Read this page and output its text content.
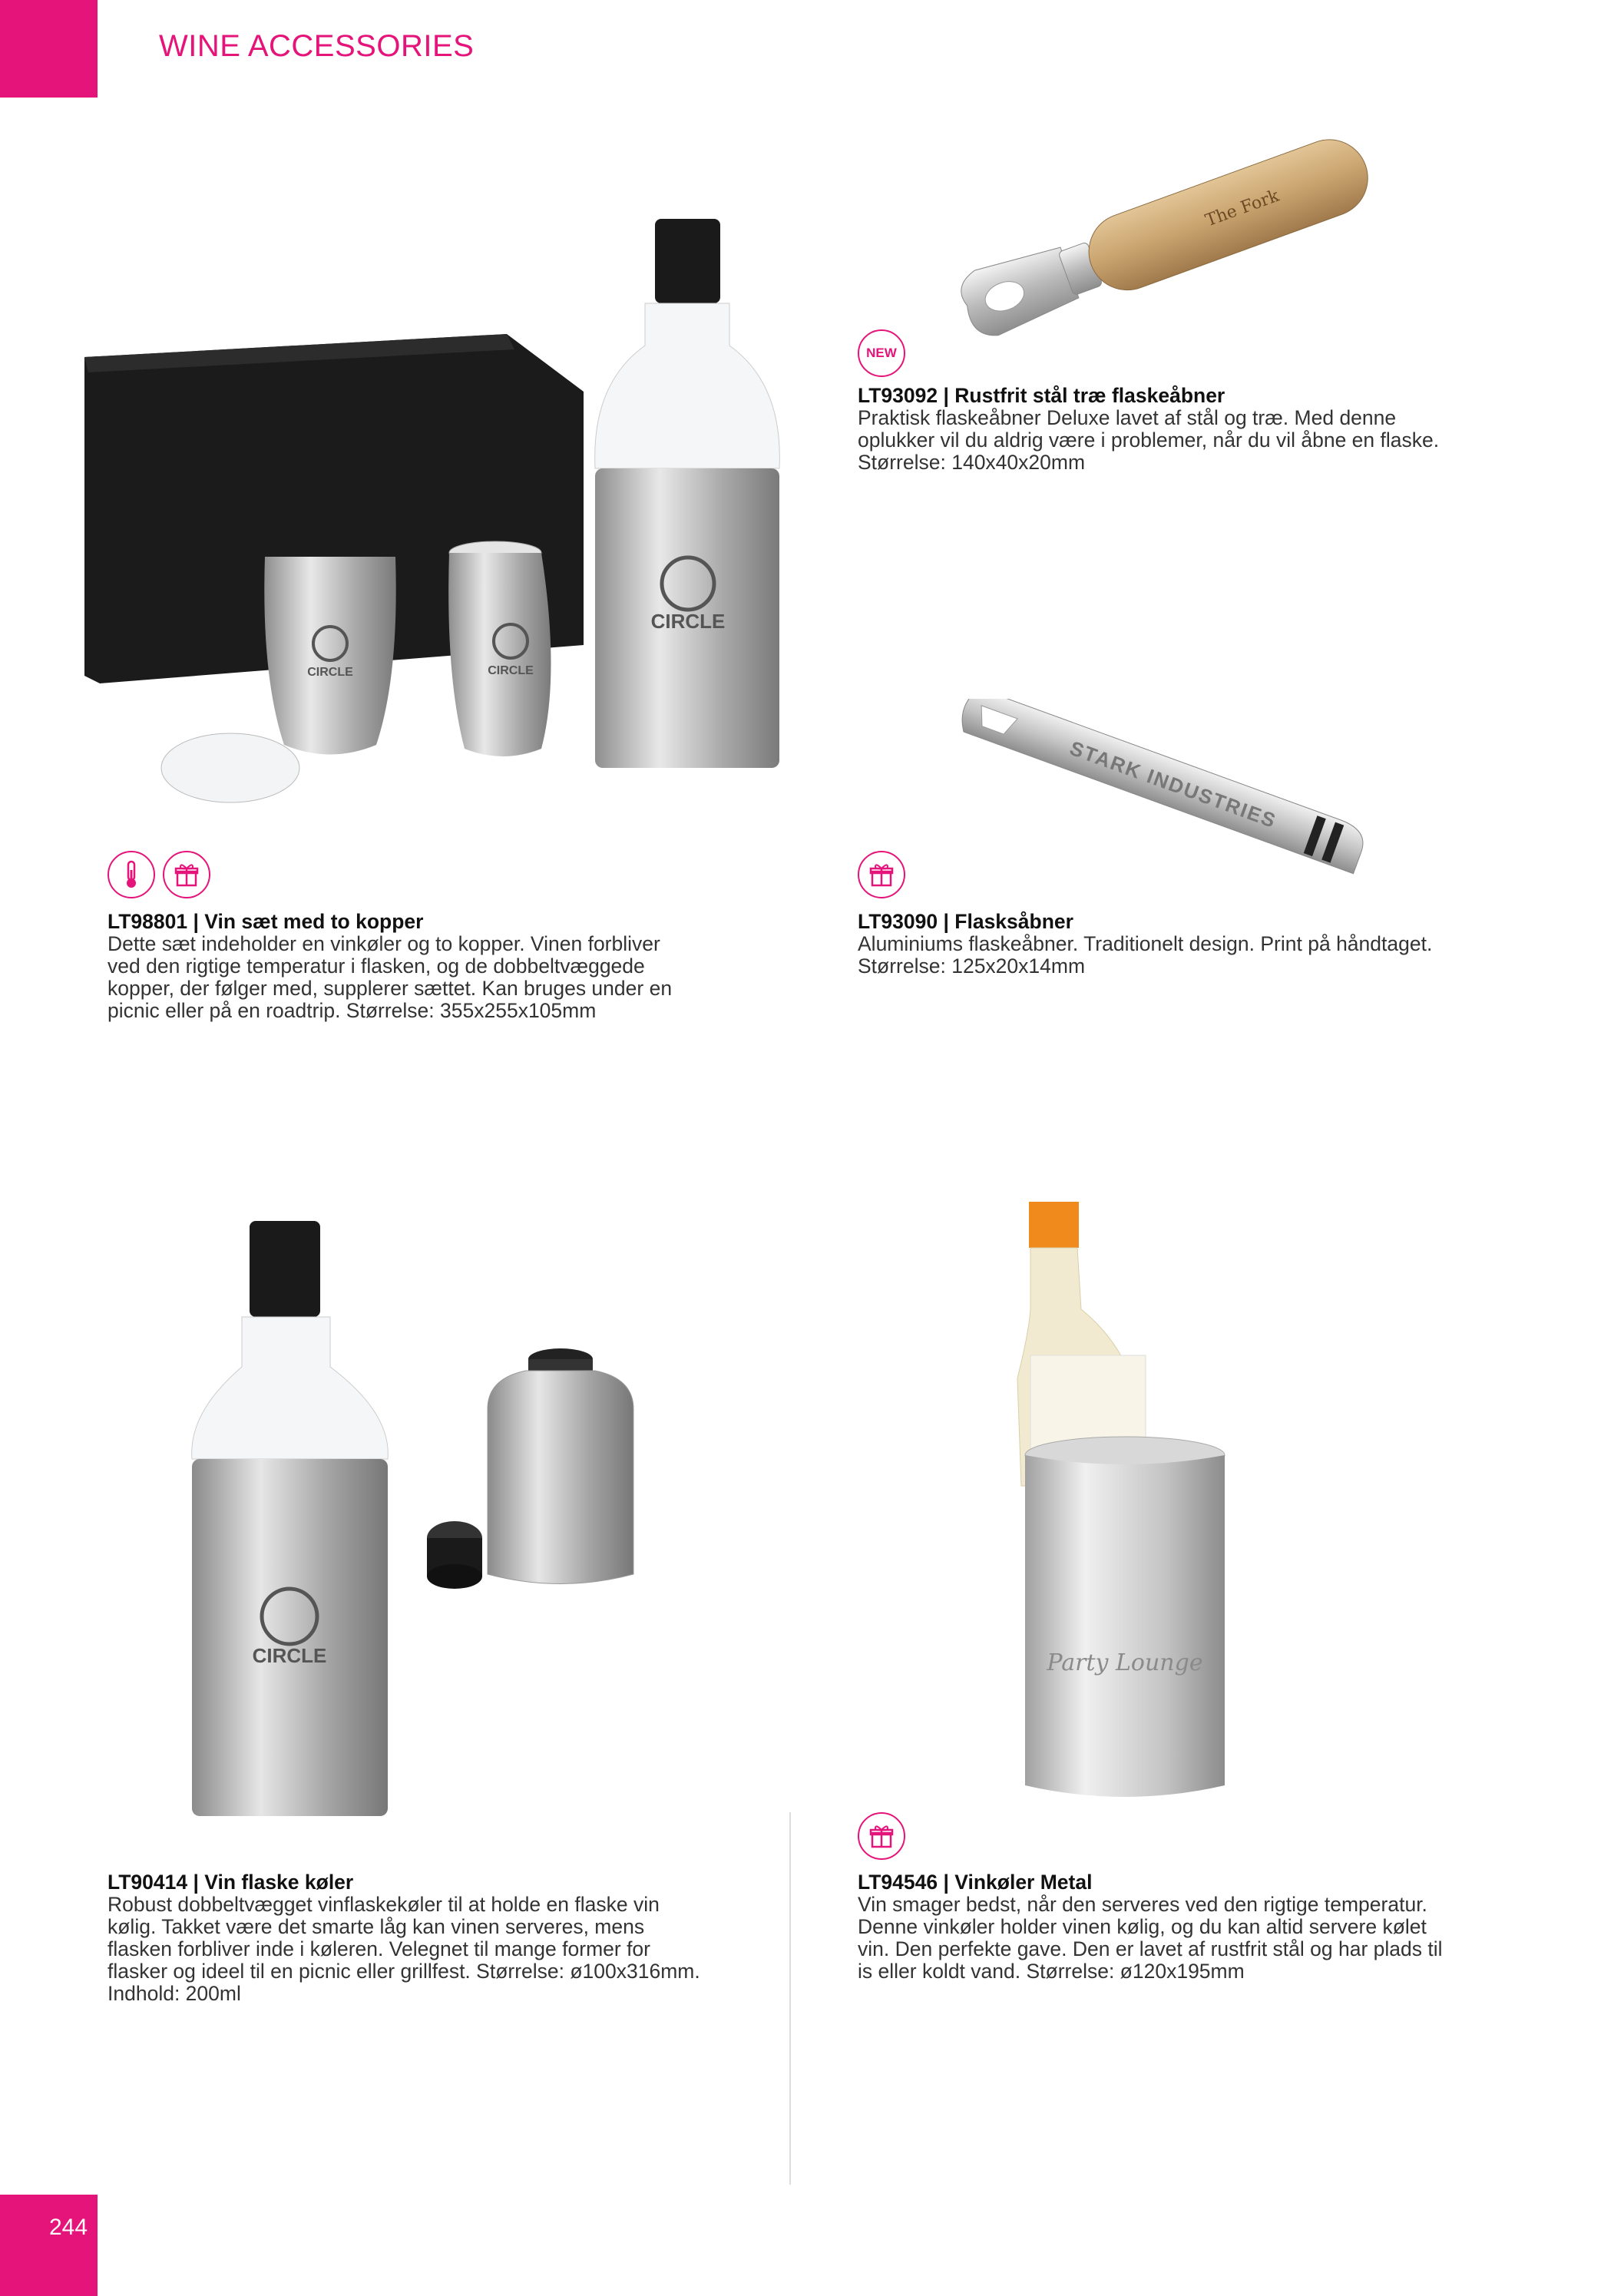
WINE ACCESSORIES
The Fork
NEW
LT93092 | Rustfrit stål træ flaskeåbner
Praktisk flaskeåbner Deluxe lavet af stål og træ. Med denne
oplukker vil du aldrig være i problemer, når du vil åbne en flaske.
Størrelse: 140x40x20mm
CIRCLE
CIRCLE	CIRCLE
LT98801 | Vin sæt med to kopper
Dette sæt indeholder en vinkøler og to kopper. Vinen forbliver
ved den rigtige temperatur i flasken, og de dobbeltvæggede
kopper, der følger med, supplerer sættet. Kan bruges under en
picnic eller på en roadtrip. Størrelse: 355x255x105mm
STARK INDUSTRIES
LT93090 | Flasksåbner
Aluminiums flaskeåbner. Traditionelt design. Print på håndtaget.
Størrelse: 125x20x14mm
CIRCLE
LT90414 | Vin flaske køler
Robust dobbeltvægget vinflaskekøler til at holde en flaske vin
kølig. Takket være det smarte låg kan vinen serveres, mens
flasken forbliver inde i køleren. Velegnet til mange former for
flasker og ideel til en picnic eller grillfest. Størrelse: ø100x316mm.
Indhold: 200ml
Party Lounge
LT94546 | Vinkøler Metal
Vin smager bedst, når den serveres ved den rigtige temperatur.
Denne vinkøler holder vinen kølig, og du kan altid servere kølet
vin. Den perfekte gave. Den er lavet af rustfrit stål og har plads til
is eller koldt vand. Størrelse: ø120x195mm
244
